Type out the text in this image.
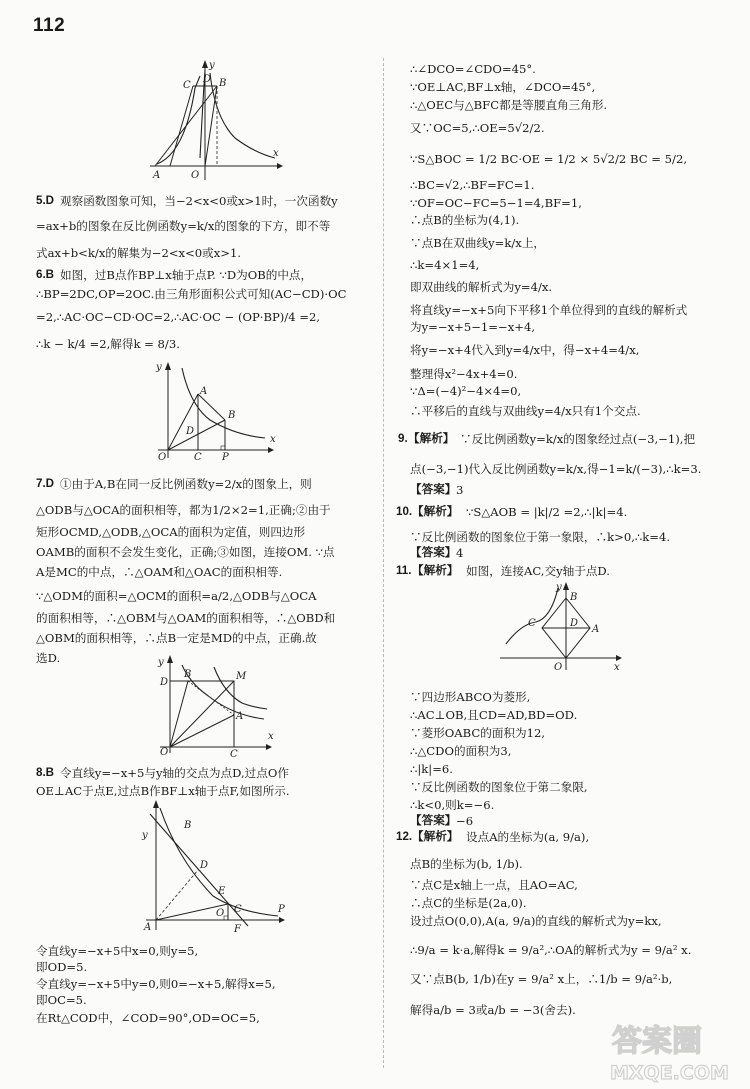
112
y
C
D B
A	O
x
5.D 观察函数图象可知，当−2<x<0或x>1时，一次函数y
=ax+b的图象在反比例函数y=k/x的图象的下方，即不等
式ax+b<k/x的解集为−2<x<0或x>1.
6.B 如图，过B点作BP⊥x轴于点P. ∵D为OB的中点，
∴BP=2DC,OP=2OC.由三角形面积公式可知(AC−CD)·OC
=2,∴AC·OC−CD·OC=2,∴AC·OC − (OP·BP)/4 =2,
∴k − k/4 =2,解得k = 8/3.
y
A
B
D
O	C P
x
7.D ①由于A,B在同一反比例函数y=2/x的图象上，则
△ODB与△OCA的面积相等，都为1/2×2=1,正确;②由于
矩形OCMD,△ODB,△OCA的面积为定值，则四边形
OAMB的面积不会发生变化，正确;③如图，连接OM. ∵点
A是MC的中点，∴△OAM和△OAC的面积相等.
∵△ODM的面积=△OCM的面积=a/2,△ODB与△OCA
的面积相等，∴△OBM与△OAM的面积相等，∴△OBD和
△OBM的面积相等，∴点B一定是MD的中点，正确.故
选D.	y
D
B	M
A
O	C
x
8.B 令直线y=−x+5与y轴的交点为点D,过点O作
OE⊥AC于点E,过点B作BF⊥x轴于点F,如图所示.
y
D
E
B
A
O
F
C	P
令直线y=−x+5中x=0,则y=5,
即OD=5.
令直线y=−x+5中y=0,则0=−x+5,解得x=5,
即OC=5.
在Rt△COD中，∠COD=90°,OD=OC=5,
∴∠DCO=∠CDO=45°.
∵OE⊥AC,BF⊥x轴，∠DCO=45°,
∴△OEC与△BFC都是等腰直角三角形.
又∵OC=5,∴OE=5√2/2.
∵S△BOC = 1/2 BC·OE = 1/2 × 5√2/2 BC = 5/2,
∴BC=√2,∴BF=FC=1.
∵OF=OC−FC=5−1=4,BF=1,
∴点B的坐标为(4,1).
∵点B在双曲线y=k/x上，
∴k=4×1=4,
即双曲线的解析式为y=4/x.
将直线y=−x+5向下平移1个单位得到的直线的解析式
为y=−x+5−1=−x+4,
将y=−x+4代入到y=4/x中，得−x+4=4/x,
整理得x²−4x+4=0.
∵Δ=(−4)²−4×4=0,
∴平移后的直线与双曲线y=4/x只有1个交点.
9. 【解析】 ∵反比例函数y=k/x的图象经过点(−3,−1),把
点(−3,−1)代入反比例函数y=k/x,得−1=k/(−3),∴k=3.
【答案】 3
10. 【解析】 ∵S△AOB = |k|/2 =2,∴|k|=4.
∵反比例函数的图象位于第一象限，∴k>0,∴k=4.
【答案】 4
11. 【解析】 如图，连接AC,交y轴于点D.
y
B
C	D
A
O	x
∵四边形ABCO为菱形,
∴AC⊥OB,且CD=AD,BD=OD.
∵菱形OABC的面积为12,
∴△CDO的面积为3,
∴|k|=6.
∵反比例函数的图象位于第二象限,
∴k<0,则k=−6.
【答案】 −6
12. 【解析】 设点A的坐标为(a, 9/a),
点B的坐标为(b, 1/b).
∵点C是x轴上一点，且AO=AC,
∴点C的坐标是(2a,0).
设过点O(0,0),A(a, 9/a)的直线的解析式为y=kx,
∴9/a = k·a,解得k = 9/a²,∴OA的解析式为y = 9/a² x.
又∵点B(b, 1/b)在y = 9/a² x上，∴1/b = 9/a²·b,
解得a/b = 3或a/b = −3(舍去).
答案圈
MXQE.COM
